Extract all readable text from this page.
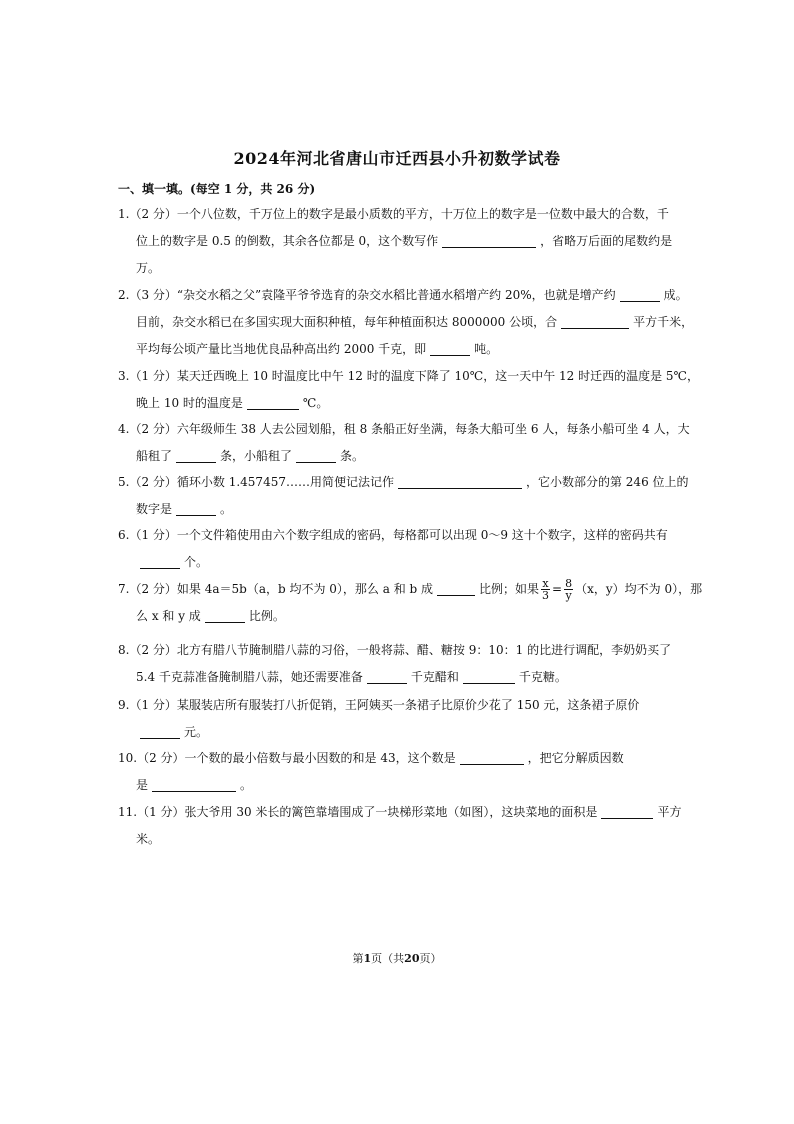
2024年河北省唐山市迁西县小升初数学试卷
一、填一填。(每空 1 分，共 26 分)
1.（2 分）一个八位数，千万位上的数字是最小质数的平方，十万位上的数字是一位数中最大的合数，千
位上的数字是 0.5 的倒数，其余各位都是 0，这个数写作	，省略万后面的尾数约是
万。
2.（3 分）“杂交水稻之父”袁隆平爷爷选育的杂交水稻比普通水稻增产约 20%，也就是增产约	成。
目前，杂交水稻已在多国实现大面积种植，每年种植面积达 8000000 公顷，合	平方千米，
平均每公顷产量比当地优良品种高出约 2000 千克，即	吨。
3.（1 分）某天迁西晚上 10 时温度比中午 12 时的温度下降了 10℃，这一天中午 12 时迁西的温度是 5℃，
晚上 10 时的温度是	℃。
4.（2 分）六年级师生 38 人去公园划船，租 8 条船正好坐满，每条大船可坐 6 人，每条小船可坐 4 人，大
船租了	条，小船租了	条。
5.（2 分）循环小数 1.457457……用简便记法记作	，它小数部分的第 246 位上的
数字是	。
6.（1 分）一个文件箱使用由六个数字组成的密码，每格都可以出现 0～9 这十个数字，这样的密码共有
个。
7.（2 分）如果 4a＝5b（a，b 均不为 0），那么 a 和 b 成	比例；如果 $\frac{x}{3} = \frac{8}{y} (x$，y）均不为 0），那
么 x 和 y 成	比例。
8.（2 分）北方有腊八节腌制腊八蒜的习俗，一般将蒜、醋、糖按 9：10：1 的比进行调配，李奶奶买了
5.4 千克蒜准备腌制腊八蒜，她还需要准备	千克醋和	千克糖。
9.（1 分）某服装店所有服装打八折促销，王阿姨买一条裙子比原价少花了 150 元，这条裙子原价
元。
10.（2 分）一个数的最小倍数与最小因数的和是 43，这个数是	，把它分解质因数
是	。
11.（1 分）张大爷用 30 米长的篱笆靠墙围成了一块梯形菜地（如图），这块菜地的面积是	平方
米。
第1页（共20页）
